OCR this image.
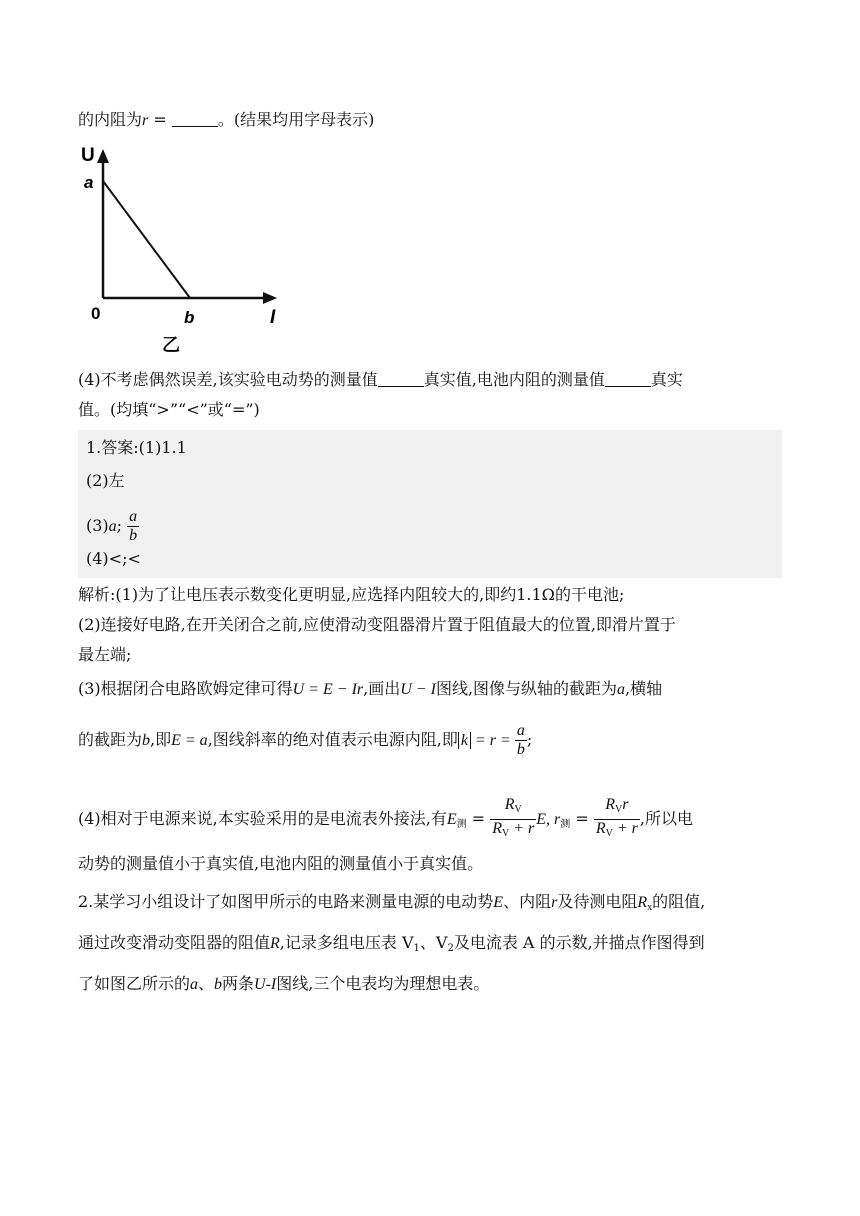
的内阻为r =	。(结果均用字母表示)
U
a
0	b	I
乙
(4)不考虑偶然误差,该实验电动势的测量值	真实值,电池内阻的测量值	真实
值。(均填“>”“<”或“=”)
1.答案:(1)1.1
(2)左
(3)a; $\frac{a}{b}$
(4)<;<
解析:(1)为了让电压表示数变化更明显,应选择内阻较大的,即约1.1Ω的干电池;
(2)连接好电路,在开关闭合之前,应使滑动变阻器滑片置于阻值最大的位置,即滑片置于
最左端;
(3)根据闭合电路欧姆定律可得U = E − Ir,画出U − I图线,图像与纵轴的截距为a,横轴
的截距为b,即E = a,图线斜率的绝对值表示电源内阻,即 $k = r = \frac{a}{b}$ ;
(4)相对于电源来说,本实验采用的是电流表外接法,有$E_测 = \frac{R_V}{R_V + r} E$, $r_测 = \frac{R_Vr}{R_V + r}$ ,所以电
动势的测量值小于真实值,电池内阻的测量值小于真实值。
2.某学习小组设计了如图甲所示的电路来测量电源的电动势E、内阻r及待测电阻$R_x$的阻值,
通过改变滑动变阻器的阻值R,记录多组电压表 $V_1$、$V_2$及电流表 A 的示数,并描点作图得到
了如图乙所示的a、b两条U-I图线,三个电表均为理想电表。
